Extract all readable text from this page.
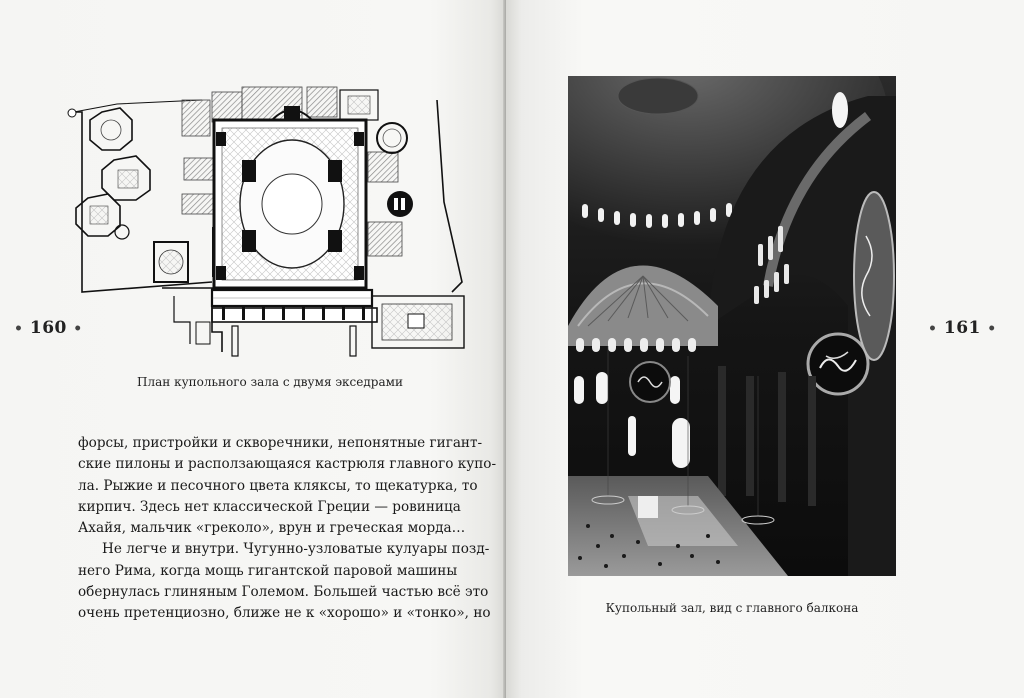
• 160 •
План купольного зала с двумя экседрами

форсы, пристройки и скворечники, непонятные гигант-
ские пилоны и расползающаяся кастрюля главного купо-
ла. Рыжие и песочного цвета кляксы, то щекатурка, то
кирпич. Здесь нет классической Греции — ровиница
Ахайя, мальчик «греколо», врун и греческая морда…

Не легче и внутри. Чугунно-узловатые кулуары позд-
него Рима, когда мощь гигантской паровой машины
обернулась глиняным Големом. Большей частью всё это
очень претенциозно, ближе не к «хорошо» и «тонко», но

• 161 •
Купольный зал, вид с главного балкона
